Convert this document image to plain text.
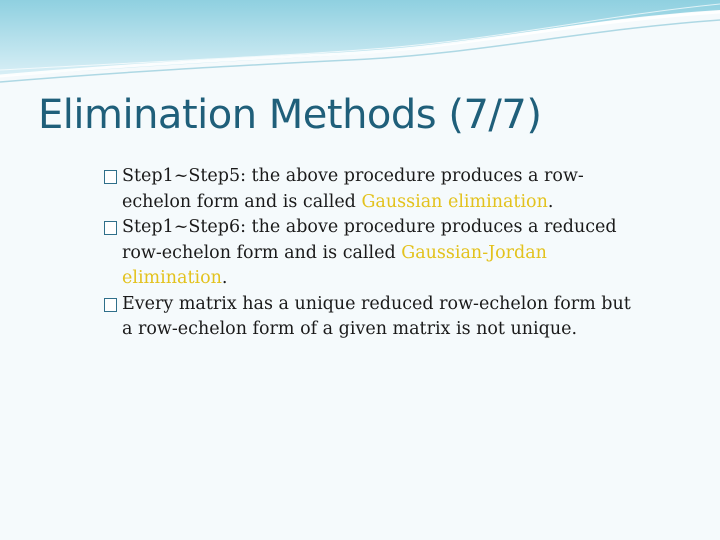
Elimination Methods (7/7)
Step1~Step5: the above procedure produces a row-echelon form and is called Gaussian elimination.
Step1~Step6: the above procedure produces a reduced row-echelon form and is called Gaussian-Jordan elimination.
Every matrix has a unique reduced row-echelon form but a row-echelon form of a given matrix is not unique.
